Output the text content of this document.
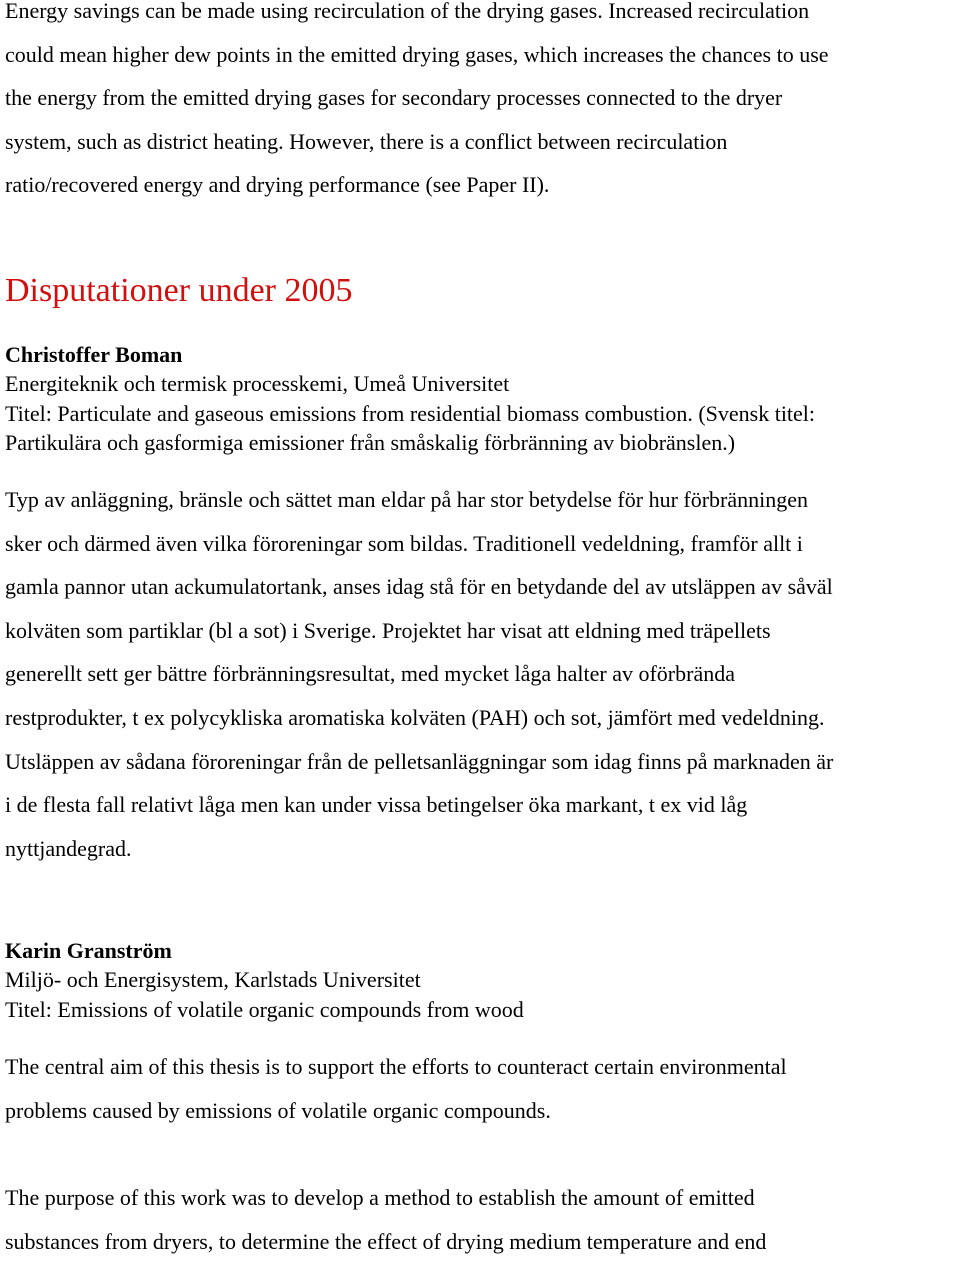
Energy savings can be made using recirculation of the drying gases. Increased recirculation
could mean higher dew points in the emitted drying gases, which increases the chances to use
the energy from the emitted drying gases for secondary processes connected to the dryer
system, such as district heating. However, there is a conflict between recirculation
ratio/recovered energy and drying performance (see Paper II).

Disputationer under 2005
Christoffer Boman
Energiteknik och termisk processkemi, Umeå Universitet
Titel: Particulate and gaseous emissions from residential biomass combustion. (Svensk titel:
Partikulära och gasformiga emissioner från småskalig förbränning av biobränslen.)

Typ av anläggning, bränsle och sättet man eldar på har stor betydelse för hur förbränningen
sker och därmed även vilka föroreningar som bildas. Traditionell vedeldning, framför allt i
gamla pannor utan ackumulatortank, anses idag stå för en betydande del av utsläppen av såväl
kolväten som partiklar (bl a sot) i Sverige. Projektet har visat att eldning med träpellets
generellt sett ger bättre förbränningsresultat, med mycket låga halter av oförbrända
restprodukter, t ex polycykliska aromatiska kolväten (PAH) och sot, jämfört med vedeldning.
Utsläppen av sådana föroreningar från de pelletsanläggningar som idag finns på marknaden är
i de flesta fall relativt låga men kan under vissa betingelser öka markant, t ex vid låg
nyttjandegrad.

Karin Granström
Miljö- och Energisystem, Karlstads Universitet
Titel: Emissions of volatile organic compounds from wood

The central aim of this thesis is to support the efforts to counteract certain environmental
problems caused by emissions of volatile organic compounds.

The purpose of this work was to develop a method to establish the amount of emitted
substances from dryers, to determine the effect of drying medium temperature and end
